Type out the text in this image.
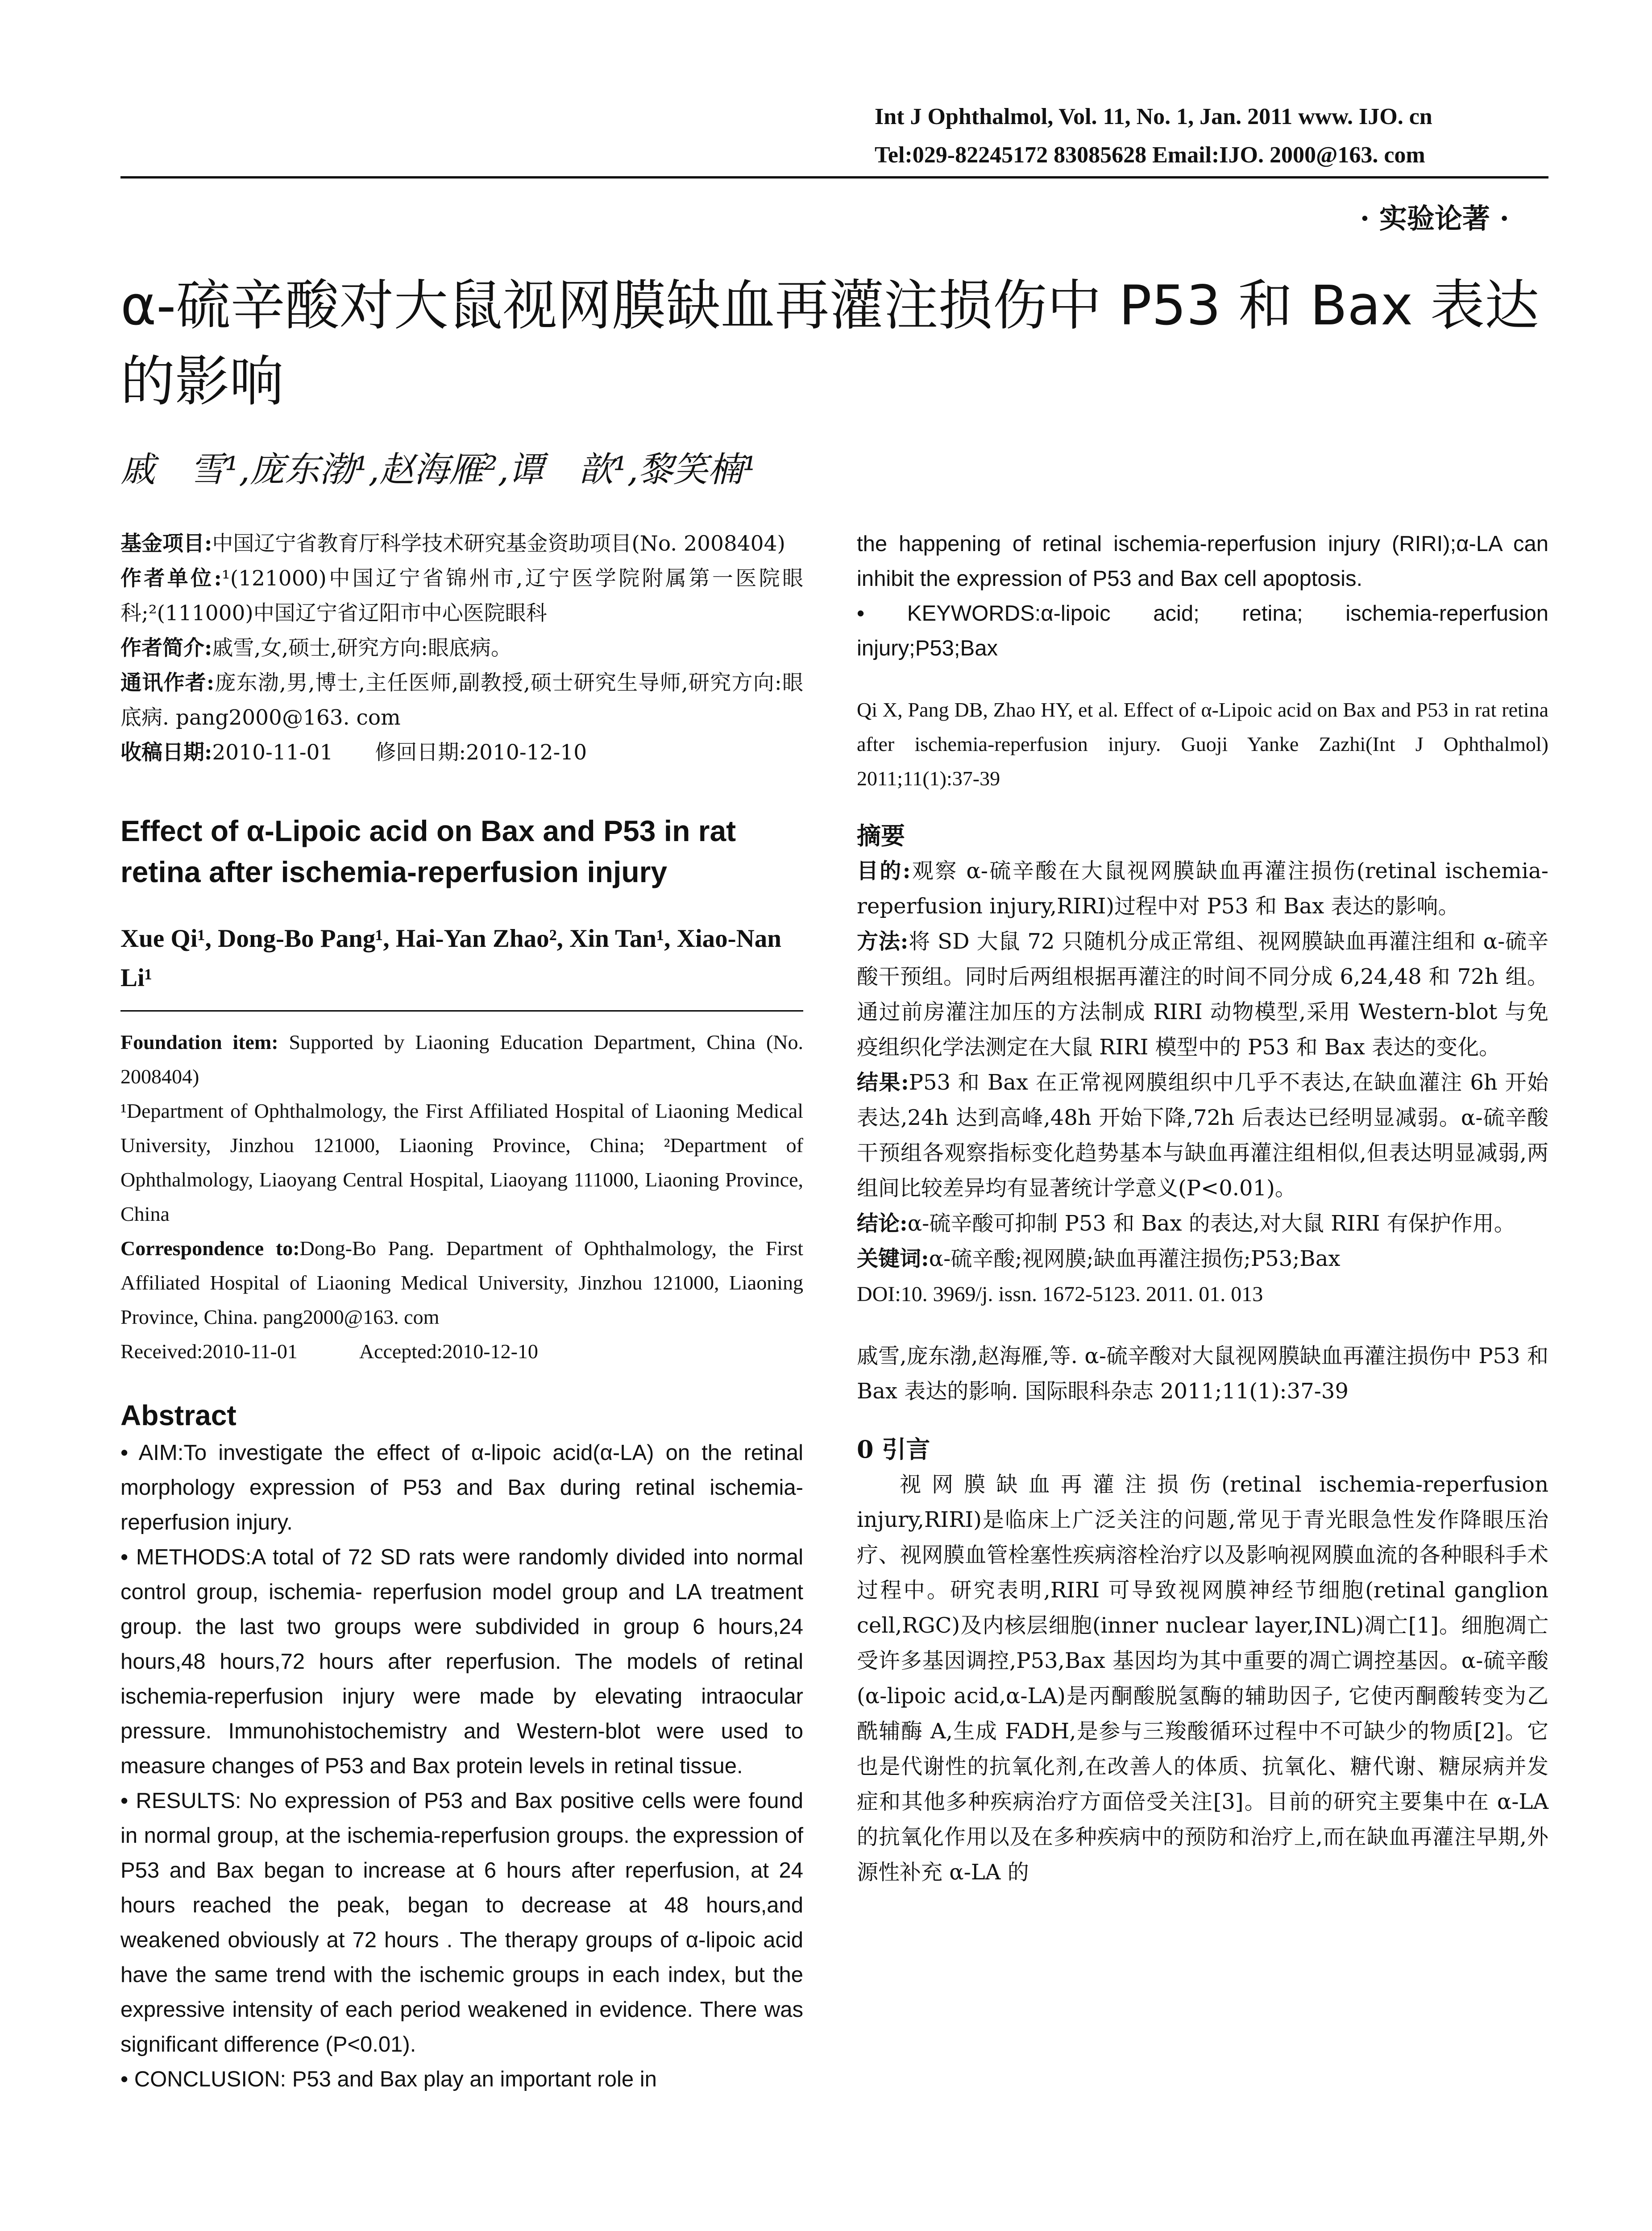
Int J Ophthalmol, Vol. 11, No. 1, Jan. 2011 www. IJO. cn
Tel:029-82245172 83085628 Email:IJO. 2000@163. com
· 实验论著 ·
α-硫辛酸对大鼠视网膜缺血再灌注损伤中 P53 和 Bax 表达的影响
戚　雪¹,庞东渤¹,赵海雁²,谭　歆¹,黎笑楠¹

基金项目:中国辽宁省教育厅科学技术研究基金资助项目(No. 2008404)

作者单位:¹(121000)中国辽宁省锦州市,辽宁医学院附属第一医院眼科;²(111000)中国辽宁省辽阳市中心医院眼科

作者简介:戚雪,女,硕士,研究方向:眼底病。

通讯作者:庞东渤,男,博士,主任医师,副教授,硕士研究生导师,研究方向:眼底病. pang2000@163. com

收稿日期:2010-11-01　　修回日期:2010-12-10

Effect of α-Lipoic acid on Bax and P53 in rat retina after ischemia-reperfusion injury

Xue Qi¹, Dong-Bo Pang¹, Hai-Yan Zhao², Xin Tan¹, Xiao-Nan Li¹

Foundation item: Supported by Liaoning Education Department, China (No. 2008404)

¹Department of Ophthalmology, the First Affiliated Hospital of Liaoning Medical University, Jinzhou 121000, Liaoning Province, China; ²Department of Ophthalmology, Liaoyang Central Hospital, Liaoyang 111000, Liaoning Province, China

Correspondence to:Dong-Bo Pang. Department of Ophthalmology, the First Affiliated Hospital of Liaoning Medical University, Jinzhou 121000, Liaoning Province, China. pang2000@163. com

Received:2010-11-01　　　Accepted:2010-12-10

Abstract

• AIM:To investigate the effect of α-lipoic acid(α-LA) on the retinal morphology expression of P53 and Bax during retinal ischemia-reperfusion injury.

• METHODS:A total of 72 SD rats were randomly divided into normal control group, ischemia- reperfusion model group and LA treatment group. the last two groups were subdivided in group 6 hours,24 hours,48 hours,72 hours after reperfusion. The models of retinal ischemia-reperfusion injury were made by elevating intraocular pressure. Immunohistochemistry and Western-blot were used to measure changes of P53 and Bax protein levels in retinal tissue.

• RESULTS: No expression of P53 and Bax positive cells were found in normal group, at the ischemia-reperfusion groups. the expression of P53 and Bax began to increase at 6 hours after reperfusion, at 24 hours reached the peak, began to decrease at 48 hours,and weakened obviously at 72 hours . The therapy groups of α-lipoic acid have the same trend with the ischemic groups in each index, but the expressive intensity of each period weakened in evidence. There was significant difference (P<0.01).

• CONCLUSION: P53 and Bax play an important role in

the happening of retinal ischemia-reperfusion injury (RIRI);α-LA can inhibit the expression of P53 and Bax cell apoptosis.

• KEYWORDS:α-lipoic acid; retina; ischemia-reperfusion injury;P53;Bax

Qi X, Pang DB, Zhao HY, et al. Effect of α-Lipoic acid on Bax and P53 in rat retina after ischemia-reperfusion injury. Guoji Yanke Zazhi(Int J Ophthalmol) 2011;11(1):37-39

摘要

目的:观察 α-硫辛酸在大鼠视网膜缺血再灌注损伤(retinal ischemia-reperfusion injury,RIRI)过程中对 P53 和 Bax 表达的影响。

方法:将 SD 大鼠 72 只随机分成正常组、视网膜缺血再灌注组和 α-硫辛酸干预组。同时后两组根据再灌注的时间不同分成 6,24,48 和 72h 组。通过前房灌注加压的方法制成 RIRI 动物模型,采用 Western-blot 与免疫组织化学法测定在大鼠 RIRI 模型中的 P53 和 Bax 表达的变化。

结果:P53 和 Bax 在正常视网膜组织中几乎不表达,在缺血灌注 6h 开始表达,24h 达到高峰,48h 开始下降,72h 后表达已经明显减弱。α-硫辛酸干预组各观察指标变化趋势基本与缺血再灌注组相似,但表达明显减弱,两组间比较差异均有显著统计学意义(P<0.01)。

结论:α-硫辛酸可抑制 P53 和 Bax 的表达,对大鼠 RIRI 有保护作用。

关键词:α-硫辛酸;视网膜;缺血再灌注损伤;P53;Bax

DOI:10. 3969/j. issn. 1672-5123. 2011. 01. 013

戚雪,庞东渤,赵海雁,等. α-硫辛酸对大鼠视网膜缺血再灌注损伤中 P53 和 Bax 表达的影响. 国际眼科杂志 2011;11(1):37-39

0 引言

视网膜缺血再灌注损伤(retinal ischemia-reperfusion injury,RIRI)是临床上广泛关注的问题,常见于青光眼急性发作降眼压治疗、视网膜血管栓塞性疾病溶栓治疗以及影响视网膜血流的各种眼科手术过程中。研究表明,RIRI 可导致视网膜神经节细胞(retinal ganglion cell,RGC)及内核层细胞(inner nuclear layer,INL)凋亡[1]。细胞凋亡受许多基因调控,P53,Bax 基因均为其中重要的凋亡调控基因。α-硫辛酸(α-lipoic acid,α-LA)是丙酮酸脱氢酶的辅助因子, 它使丙酮酸转变为乙酰辅酶 A,生成 FADH,是参与三羧酸循环过程中不可缺少的物质[2]。它也是代谢性的抗氧化剂,在改善人的体质、抗氧化、糖代谢、糖尿病并发症和其他多种疾病治疗方面倍受关注[3]。目前的研究主要集中在 α-LA 的抗氧化作用以及在多种疾病中的预防和治疗上,而在缺血再灌注早期,外源性补充 α-LA 的
